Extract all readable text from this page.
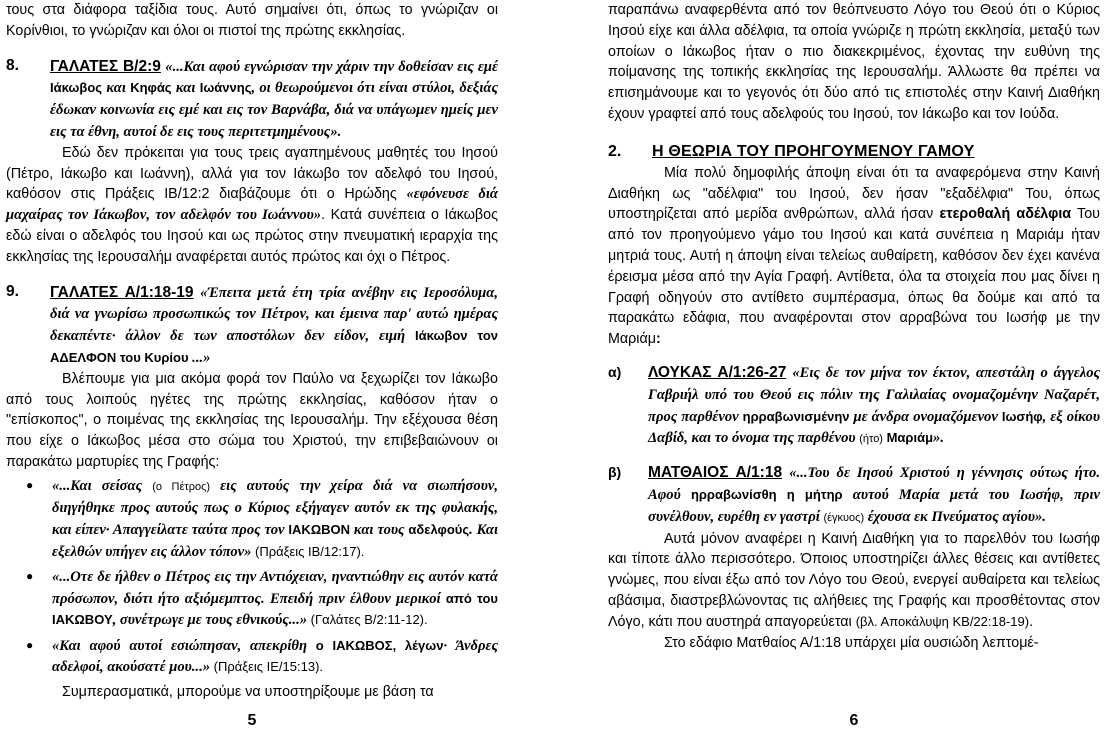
τους στα διάφορα ταξίδια τους. Αυτό σημαίνει ότι, όπως το γνώριζαν οι Κορίνθιοι, το γνώριζαν και όλοι οι πιστοί της πρώτης εκκλησίας.

8.	ΓΑΛΑΤΕΣ Β/2:9 «...Και αφού εγνώρισαν την χάριν την δοθείσαν εις εμέ Ιάκωβος και Κηφάς και Ιωάννης, οι θεωρούμενοι ότι είναι στύλοι, δεξιάς έδωκαν κοινωνία εις εμέ και εις τον Βαρνάβα, διά να υπάγωμεν ημείς μεν εις τα έθνη, αυτοί δε εις τους περιτετμημένους».

Εδώ δεν πρόκειται για τους τρεις αγαπημένους μαθητές του Ιησού (Πέτρο, Ιάκωβο και Ιωάννη), αλλά για τον Ιάκωβο τον αδελφό του Ιησού, καθόσον στις Πράξεις ΙΒ/12:2 διαβάζουμε ότι ο Ηρώδης «εφόνευσε διά μαχαίρας τον Ιάκωβον, τον αδελφόν του Ιωάννου». Κατά συνέπεια ο Ιάκωβος εδώ είναι ο αδελφός του Ιησού και ως πρώτος στην πνευματική ιεραρχία της εκκλησίας της Ιερουσαλήμ αναφέρεται αυτός πρώτος και όχι ο Πέτρος.

9.	ΓΑΛΑΤΕΣ Α/1:18-19 «Έπειτα μετά έτη τρία ανέβην εις Ιεροσόλυμα, διά να γνωρίσω προσωπικώς τον Πέτρον, και έμεινα παρ' αυτώ ημέρας δεκαπέντε· άλλον δε των αποστόλων δεν είδον, ειμή Ιάκωβον τον ΑΔΕΛΦΟΝ του Κυρίου ...»

Βλέπουμε για μια ακόμα φορά τον Παύλο να ξεχωρίζει τον Ιάκωβο από τους λοιπούς ηγέτες της πρώτης εκκλησίας, καθόσον ήταν ο "επίσκοπος", ο ποιμένας της εκκλησίας της Ιερουσαλήμ. Την εξέχουσα θέση που είχε ο Ιάκωβος μέσα στο σώμα του Χριστού, την επιβεβαιώνουν οι παρακάτω μαρτυρίες της Γραφής:

● «...Και σείσας (ο Πέτρος) εις αυτούς την χείρα διά να σιωπήσουν, διηγήθηκε προς αυτούς πως ο Κύριος εξήγαγεν αυτόν εκ της φυλακής, και είπεν· Απαγγείλατε ταύτα προς τον ΙΑΚΩΒΟΝ και τους αδελφούς. Και εξελθών υπήγεν εις άλλον τόπον» (Πράξεις ΙΒ/12:17).
● «...Οτε δε ήλθεν ο Πέτρος εις την Αντιόχειαν, ηναντιώθην εις αυτόν κατά πρόσωπον, διότι ήτο αξιόμεμπτος. Επειδή πριν έλθουν μερικοί από του ΙΑΚΩΒΟΥ, συνέτρωγε με τους εθνικούς...» (Γαλάτες Β/2:11-12).
● «Και αφού αυτοί εσιώπησαν, απεκρίθη ο ΙΑΚΩΒΟΣ, λέγων· Άνδρες αδελφοί, ακούσατέ μου...» (Πράξεις ΙΕ/15:13).

Συμπερασματικά, μπορούμε να υποστηρίξουμε με βάση τα

5

παραπάνω αναφερθέντα από τον θεόπνευστο Λόγο του Θεού ότι ο Κύριος Ιησού είχε και άλλα αδέλφια, τα οποία γνώριζε η πρώτη εκκλησία, μεταξύ των οποίων ο Ιάκωβος ήταν ο πιο διακεκριμένος, έχοντας την ευθύνη της ποίμανσης της τοπικής εκκλησίας της Ιερουσαλήμ. Άλλωστε θα πρέπει να επισημάνουμε και το γεγονός ότι δύο από τις επιστολές στην Καινή Διαθήκη έχουν γραφτεί από τους αδελφούς του Ιησού, τον Ιάκωβο και τον Ιούδα.

2.	Η ΘΕΩΡΙΑ ΤΟΥ ΠΡΟΗΓΟΥΜΕΝΟΥ ΓΑΜΟΥ

Μία πολύ δημοφιλής άποψη είναι ότι τα αναφερόμενα στην Καινή Διαθήκη ως "αδέλφια" του Ιησού, δεν ήσαν "εξαδέλφια" Του, όπως υποστηρίζεται από μερίδα ανθρώπων, αλλά ήσαν ετεροθαλή αδέλφια Του από τον προηγούμενο γάμο του Ιησού και κατά συνέπεια η Μαριάμ ήταν μητριά τους. Αυτή η άποψη είναι τελείως αυθαίρετη, καθόσον δεν έχει κανένα έρεισμα μέσα από την Αγία Γραφή. Αντίθετα, όλα τα στοιχεία που μας δίνει η Γραφή οδηγούν στο αντίθετο συμπέρασμα, όπως θα δούμε και από τα παρακάτω εδάφια, που αναφέρονται στον αρραβώνα του Ιωσήφ με την Μαριάμ:

α)	ΛΟΥΚΑΣ Α/1:26-27 «Εις δε τον μήνα τον έκτον, απεστάλη ο άγγελος Γαβριήλ υπό του Θεού εις πόλιν της Γαλιλαίας ονομαζομένην Ναζαρέτ, προς παρθένον ηρραβωνισμένην με άνδρα ονομαζόμενον Ιωσήφ, εξ οίκου Δαβίδ, και το όνομα της παρθένου (ήτο) Μαριάμ».
β)	ΜΑΤΘΑΙΟΣ Α/1:18 «...Του δε Ιησού Χριστού η γέννησις ούτως ήτο. Αφού ηρραβωνίσθη η μήτηρ αυτού Μαρία μετά του Ιωσήφ, πριν συνέλθουν, ευρέθη εν γαστρί (έγκυος) έχουσα εκ Πνεύματος αγίου».

Αυτά μόνον αναφέρει η Καινή Διαθήκη για το παρελθόν του Ιωσήφ και τίποτε άλλο περισσότερο. Όποιος υποστηρίζει άλλες θέσεις και αντίθετες γνώμες, που είναι έξω από τον Λόγο του Θεού, ενεργεί αυθαίρετα και τελείως αβάσιμα, διαστρεβλώνοντας τις αλήθειες της Γραφής και προσθέτοντας στον Λόγο, κάτι που αυστηρά απαγορεύεται (βλ. Αποκάλυψη ΚΒ/22:18-19).

Στο εδάφιο Ματθαίος Α/1:18 υπάρχει μία ουσιώδη λεπτομέ-

6
